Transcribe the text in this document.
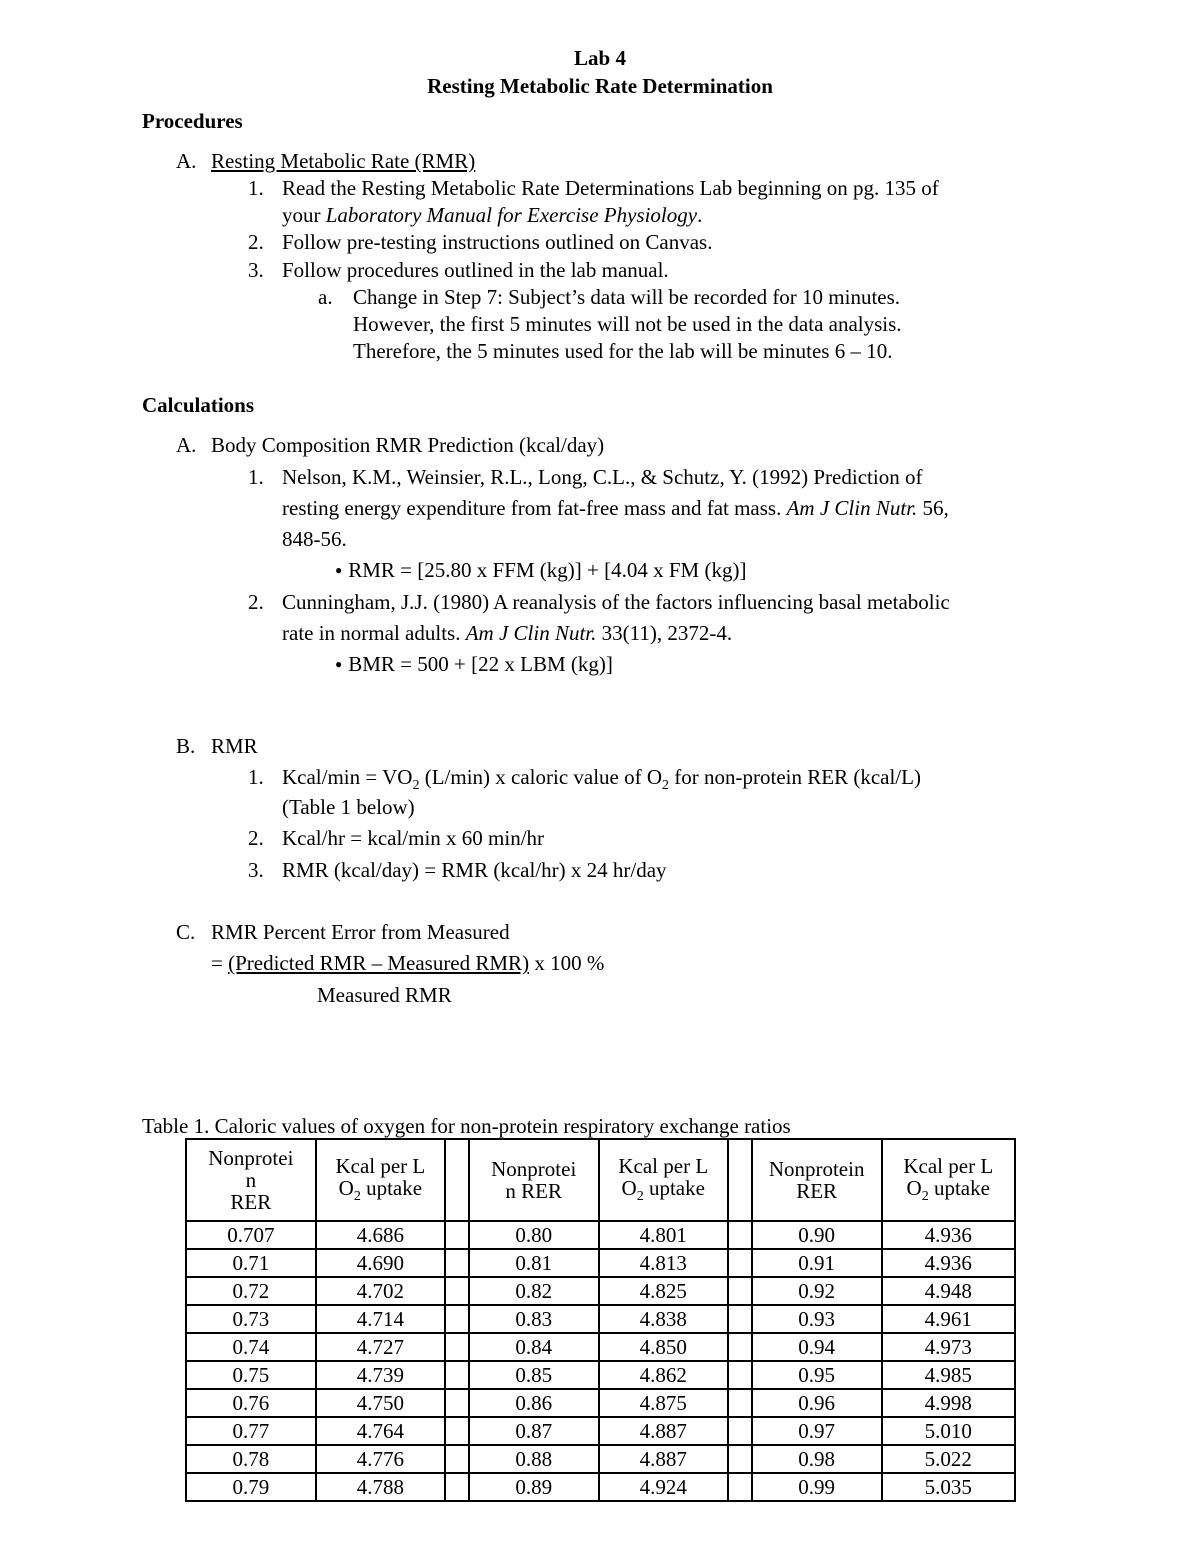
Lab 4
Resting Metabolic Rate Determination
Procedures
A. Resting Metabolic Rate (RMR)
1. Read the Resting Metabolic Rate Determinations Lab beginning on pg. 135 of
your Laboratory Manual for Exercise Physiology.
2. Follow pre-testing instructions outlined on Canvas.
3. Follow procedures outlined in the lab manual.
a. Change in Step 7: Subject’s data will be recorded for 10 minutes.
However, the first 5 minutes will not be used in the data analysis.
Therefore, the 5 minutes used for the lab will be minutes 6 – 10.
Calculations
A. Body Composition RMR Prediction (kcal/day)
1. Nelson, K.M., Weinsier, R.L., Long, C.L., & Schutz, Y. (1992) Prediction of
resting energy expenditure from fat-free mass and fat mass. Am J Clin Nutr. 56,
848-56.
● RMR = [25.80 x FFM (kg)] + [4.04 x FM (kg)]
2. Cunningham, J.J. (1980) A reanalysis of the factors influencing basal metabolic
rate in normal adults. Am J Clin Nutr. 33(11), 2372-4.
● BMR = 500 + [22 x LBM (kg)]
B. RMR
1. Kcal/min = $VO_2$ (L/min) x caloric value of $O_2$ for non-protein RER (kcal/L)
(Table 1 below)
2. Kcal/hr = kcal/min x 60 min/hr
3. RMR (kcal/day) = RMR (kcal/hr) x 24 hr/day
C. RMR Percent Error from Measured
= (Predicted RMR – Measured RMR) x 100 %
Measured RMR
Table 1. Caloric values of oxygen for non-protein respiratory exchange ratios
Nonprotei
n
RER	Kcal per L
$O_2$ uptake		Nonprotei
n RER	Kcal per L
$O_2$ uptake		Nonprotein
RER	Kcal per L
$O_2$ uptake
0.707	4.686		0.80	4.801		0.90	4.936
0.71	4.690		0.81	4.813		0.91	4.936
0.72	4.702		0.82	4.825		0.92	4.948
0.73	4.714		0.83	4.838		0.93	4.961
0.74	4.727		0.84	4.850		0.94	4.973
0.75	4.739		0.85	4.862		0.95	4.985
0.76	4.750		0.86	4.875		0.96	4.998
0.77	4.764		0.87	4.887		0.97	5.010
0.78	4.776		0.88	4.887		0.98	5.022
0.79	4.788		0.89	4.924		0.99	5.035
